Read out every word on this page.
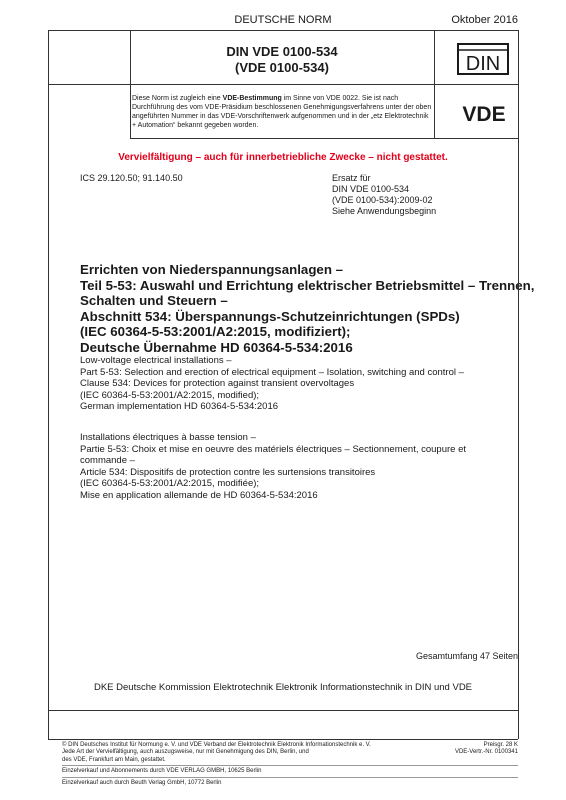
DEUTSCHE NORM	Oktober 2016
DIN VDE 0100-534
(VDE 0100-534)	DIN
Diese Norm ist zugleich eine VDE-Bestimmung im Sinne von VDE 0022. Sie ist nach Durchführung des vom VDE-Präsidium beschlossenen Genehmigungsverfahrens unter der oben angeführten Nummer in das VDE-Vorschriftenwerk aufgenommen und in der „etz Elektrotechnik + Automation“ bekannt gegeben worden.	VDE
Vervielfältigung – auch für innerbetriebliche Zwecke – nicht gestattet.
ICS 29.120.50; 91.140.50	Ersatz für
DIN VDE 0100-534
(VDE 0100-534):2009-02
Siehe Anwendungsbeginn
Errichten von Niederspannungsanlagen –
Teil 5-53: Auswahl und Errichtung elektrischer Betriebsmittel – Trennen,
Schalten und Steuern –
Abschnitt 534: Überspannungs-Schutzeinrichtungen (SPDs)
(IEC 60364-5-53:2001/A2:2015, modifiziert);
Deutsche Übernahme HD 60364-5-534:2016
Low-voltage electrical installations –
Part 5-53: Selection and erection of electrical equipment – Isolation, switching and control –
Clause 534: Devices for protection against transient overvoltages
(IEC 60364-5-53:2001/A2:2015, modified);
German implementation HD 60364-5-534:2016
Installations électriques à basse tension –
Partie 5-53: Choix et mise en oeuvre des matériels électriques – Sectionnement, coupure et
commande –
Article 534: Dispositifs de protection contre les surtensions transitoires
(IEC 60364-5-53:2001/A2:2015, modifiée);
Mise en application allemande de HD 60364-5-534:2016
Gesamtumfang 47 Seiten
DKE Deutsche Kommission Elektrotechnik Elektronik Informationstechnik in DIN und VDE
© DIN Deutsches Institut für Normung e. V. und VDE Verband der Elektrotechnik Elektronik Informationstechnik e. V.
Jede Art der Vervielfältigung, auch auszugsweise, nur mit Genehmigung des DIN, Berlin, und
des VDE, Frankfurt am Main, gestattet.
Preisgr. 28 K
VDE-Vertr.-Nr. 0100341
Einzelverkauf und Abonnements durch VDE VERLAG GMBH, 10625 Berlin
Einzelverkauf auch durch Beuth Verlag GmbH, 10772 Berlin
